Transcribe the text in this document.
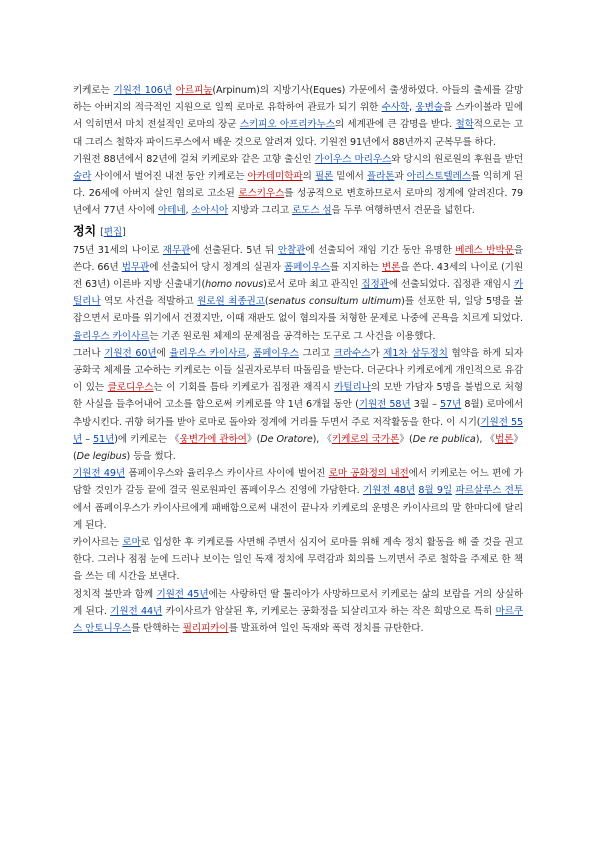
키케로는 기원전 106년 아르피눔(Arpinum)의 지방기사(Eques) 가문에서 출생하였다. 아들의 출세를 갈망하는 아버지의 적극적인 지원으로 일찍 로마로 유학하여 관료가 되기 위한 수사학, 웅변술을 스카이볼라 밑에서 익히면서 마치 전설적인 로마의 장군 스키피오 아프리카누스의 세계관에 큰 감명을 받다. 철학적으로는 고대 그리스 철학자 파이드루스에서 배운 것으로 알려져 있다. 기원전 91년에서 88년까지 군복무를 하다.

기원전 88년에서 82년에 걸쳐 키케로와 같은 고향 출신인 가이우스 마리우스와 당시의 원로원의 후원을 받던 술라 사이에서 벌어진 내전 동안 키케로는 아카데미학파의 필론 밑에서 플라톤과 아리스토텔레스를 익히게 된다. 26세에 아버지 살인 혐의로 고소된 로스키우스를 성공적으로 변호하므로서 로마의 정계에 알려진다. 79년에서 77년 사이에 아테네, 소아시아 지방과 그리고 로도스 섬을 두루 여행하면서 견문을 넓힌다.

정치 [편집]

75년 31세의 나이로 재무관에 선출된다. 5년 뒤 안찰관에 선출되어 재임 기간 동안 유명한 베레스 반박문을 쓴다. 66년 법무관에 선출되어 당시 정계의 실권자 폼페이우스를 지지하는 변론을 쓴다. 43세의 나이로 (기원전 63년) 이른바 지방 신출내기(homo novus)로서 로마 최고 관직인 집정관에 선출되었다. 집정관 재임시 카틸리나 역모 사건을 적발하고 원로원 최종권고(senatus consultum ultimum)를 선포한 뒤, 일당 5명을 불잡으면서 로마를 위기에서 건졌지만, 이때 재판도 없이 혐의자를 처형한 문제로 나중에 곤욕을 치르게 되었다. 율리우스 카이사르는 기존 원로원 체제의 문제점을 공격하는 도구로 그 사건을 이용했다.

그러나 기원전 60년에 율리우스 카이사르, 폼페이우스 그리고 크라수스가 제1차 삼두정치 협약을 하게 되자 공화국 체제를 고수하는 키케로는 이들 실권자로부터 따돌림을 받는다. 더군다나 키케로에게 개인적으로 유감이 있는 클로디우스는 이 기회를 틈타 키케로가 집정관 재직시 카틸리나의 모반 가담자 5명을 불법으로 처형한 사실을 들추어내어 고소를 함으로써 키케로를 약 1년 6개월 동안 (기원전 58년 3월 – 57년 8월) 로마에서 추방시킨다. 귀향 허가를 받아 로마로 돌아와 정계에 거리를 두면서 주로 저작활동을 한다. 이 시기(기원전 55년 – 51년)에 키케로는 《웅변가에 관하여》(De Oratore), 《키케로의 국가론》(De re publica), 《법론》(De legibus) 등을 썼다.

기원전 49년 폼페이우스와 율리우스 카이사르 사이에 벌어진 로마 공화정의 내전에서 키케로는 어느 편에 가담할 것인가 갈등 끝에 결국 원로원파인 폼페이우스 진영에 가담한다. 기원전 48년 8월 9일 파르살루스 전투에서 폼페이우스가 카이사르에게 패배함으로써 내전이 끝나자 키케로의 운명은 카이사르의 말 한마디에 달리게 된다.

카이사르는 로마로 입성한 후 키케로를 사면해 주면서 심지어 로마를 위해 계속 정치 활동을 해 줄 것을 권고한다. 그러나 점점 눈에 드러나 보이는 일인 독재 정치에 무력감과 회의를 느끼면서 주로 철학을 주제로 한 책을 쓰는 데 시간을 보낸다.

정치적 불만과 함께 기원전 45년에는 사랑하던 딸 툴리아가 사망하므로서 키케로는 삶의 보람을 거의 상실하게 된다. 기원전 44년 카이사르가 암살된 후, 키케로는 공화정을 되살리고자 하는 작은 희망으로 특히 마르쿠스 안토니우스를 탄핵하는 필리피카이를 발표하여 일인 독재와 폭력 정치를 규탄한다.
